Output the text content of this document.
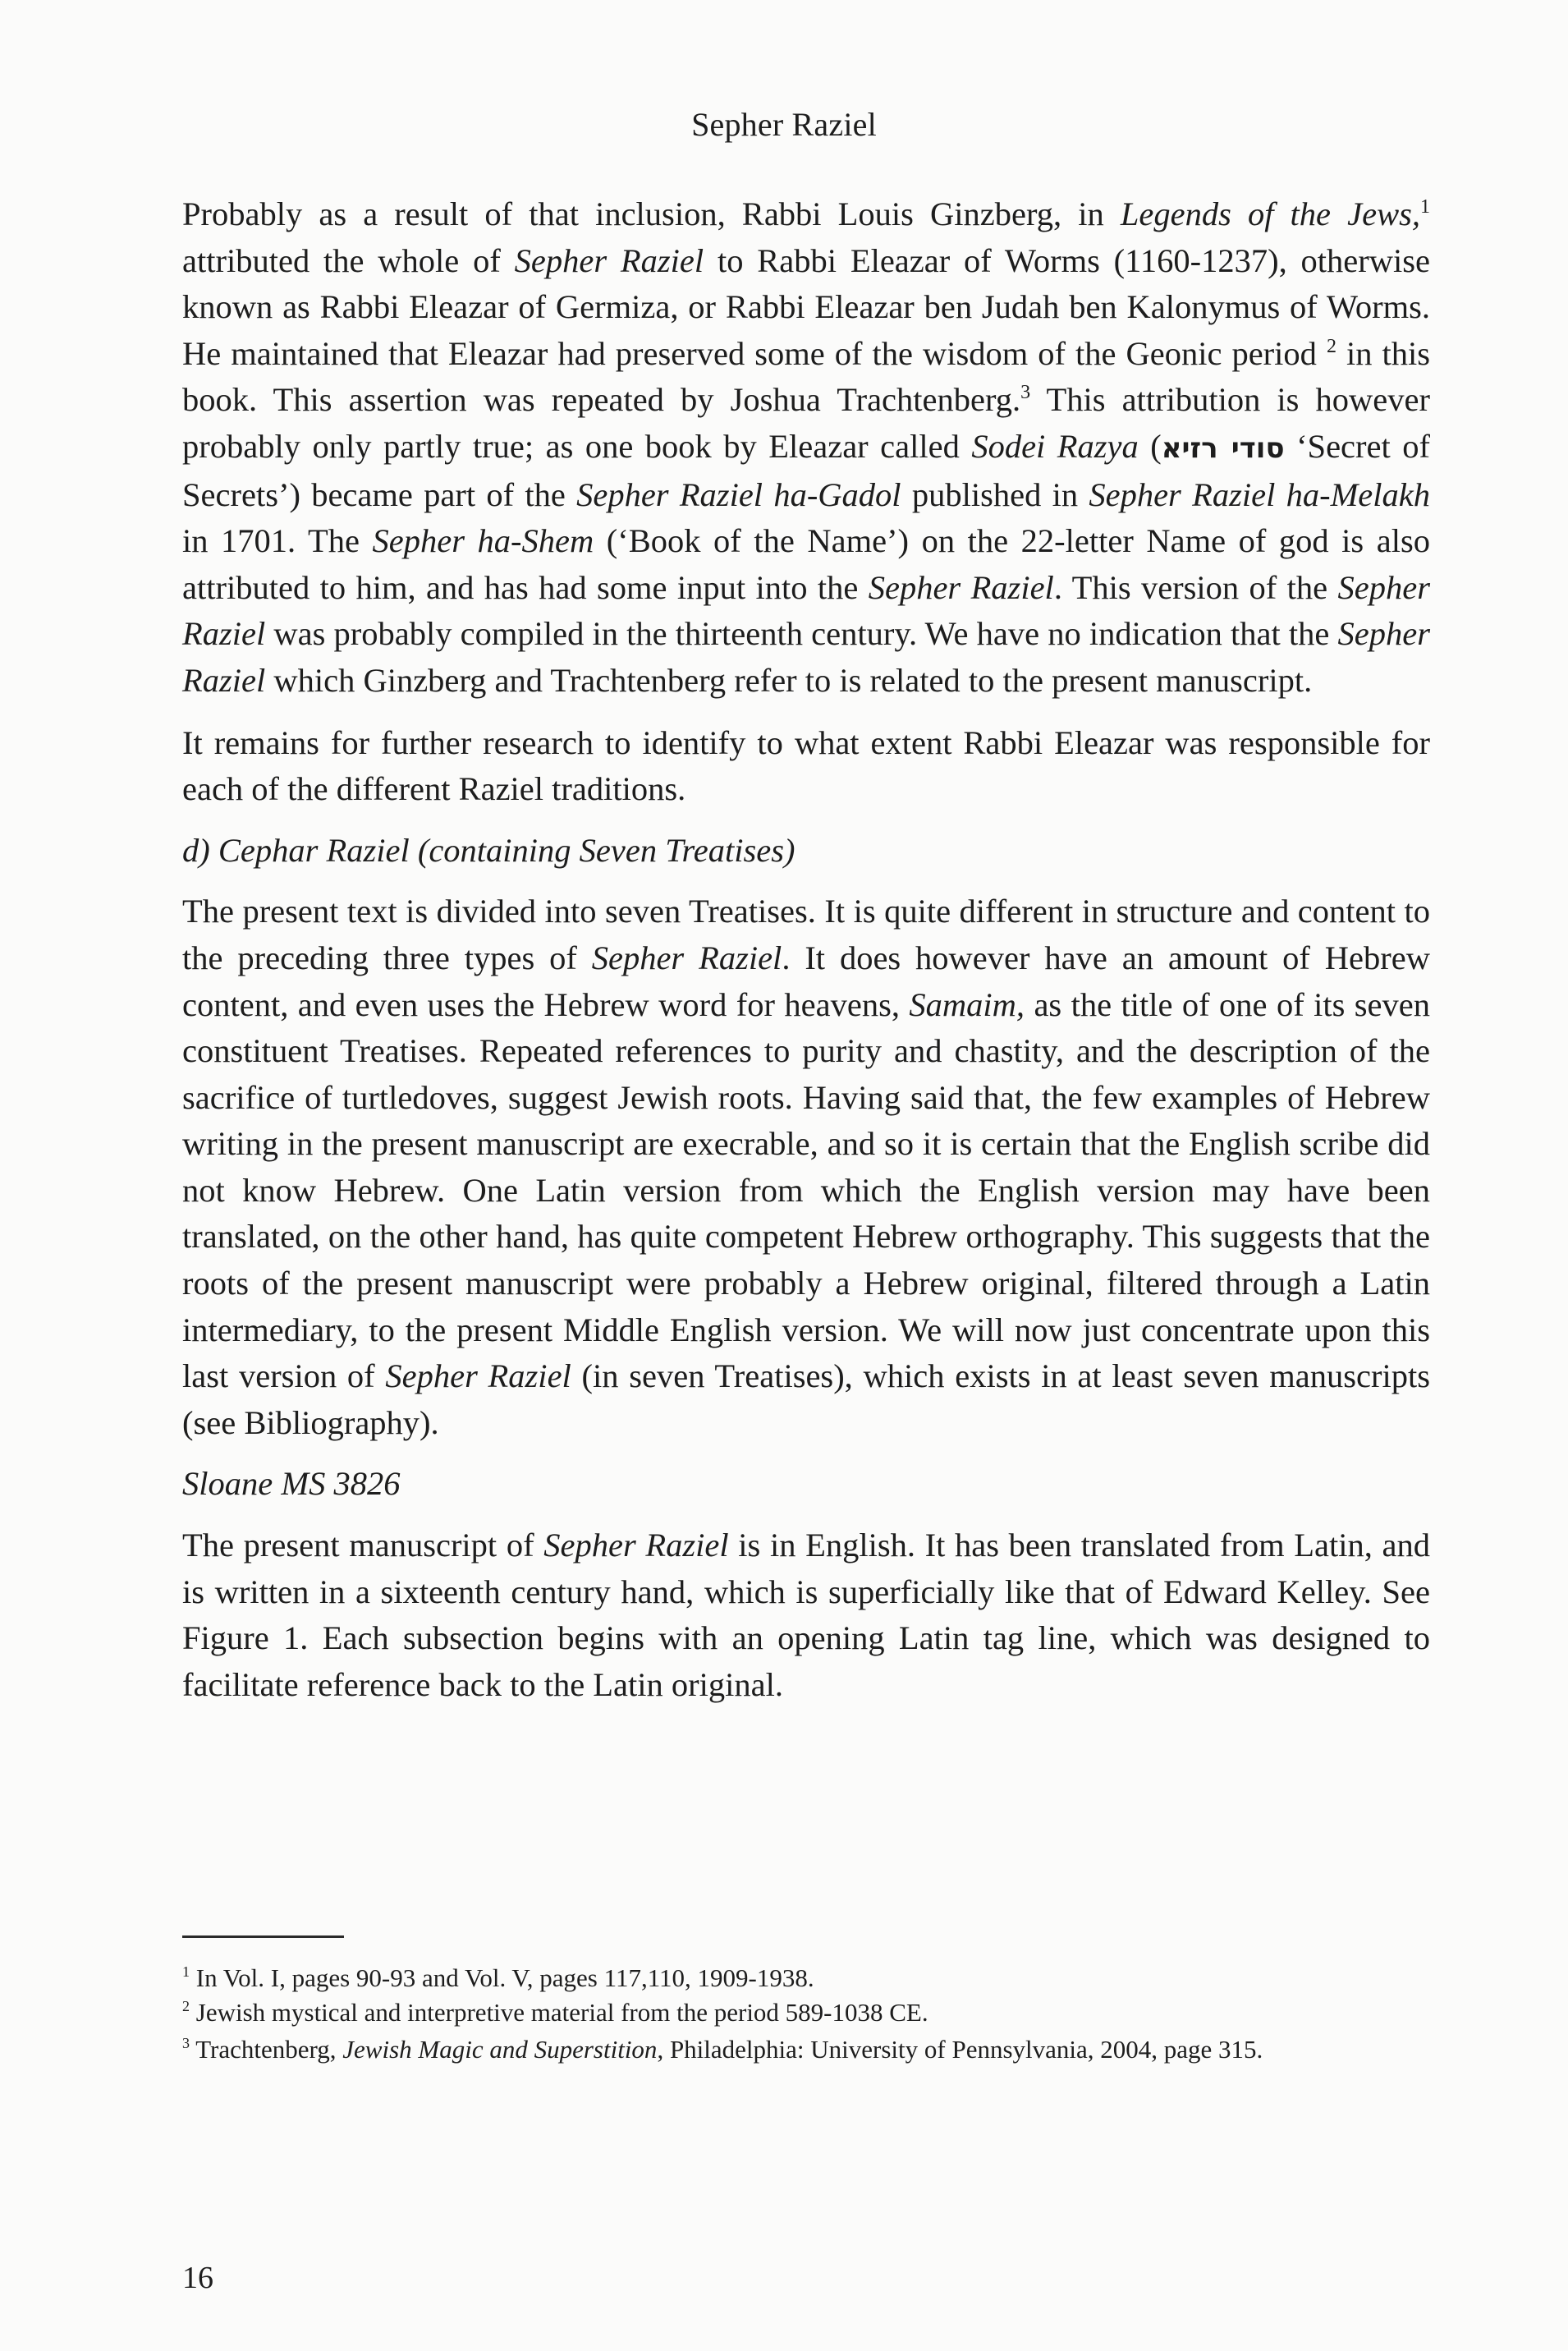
Sepher Raziel

Probably as a result of that inclusion, Rabbi Louis Ginzberg, in Legends of the Jews,$^1$ attributed the whole of Sepher Raziel to Rabbi Eleazar of Worms (1160-1237), otherwise known as Rabbi Eleazar of Germiza, or Rabbi Eleazar ben Judah ben Kalonymus of Worms. He maintained that Eleazar had preserved some of the wisdom of the Geonic period $^2$ in this book. This assertion was repeated by Joshua Trachtenberg.$^3$ This attribution is however probably only partly true; as one book by Eleazar called Sodei Razya (סודי רזיא ‘Secret of Secrets’) became part of the Sepher Raziel ha-Gadol published in Sepher Raziel ha-Melakh in 1701. The Sepher ha-Shem (‘Book of the Name’) on the 22-letter Name of god is also attributed to him, and has had some input into the Sepher Raziel. This version of the Sepher Raziel was probably compiled in the thirteenth century. We have no indication that the Sepher Raziel which Ginzberg and Trachtenberg refer to is related to the present manuscript.

It remains for further research to identify to what extent Rabbi Eleazar was responsible for each of the different Raziel traditions.

d) Cephar Raziel (containing Seven Treatises)

The present text is divided into seven Treatises. It is quite different in structure and content to the preceding three types of Sepher Raziel. It does however have an amount of Hebrew content, and even uses the Hebrew word for heavens, Samaim, as the title of one of its seven constituent Treatises. Repeated references to purity and chastity, and the description of the sacrifice of turtledoves, suggest Jewish roots. Having said that, the few examples of Hebrew writing in the present manuscript are execrable, and so it is certain that the English scribe did not know Hebrew. One Latin version from which the English version may have been translated, on the other hand, has quite competent Hebrew orthography. This suggests that the roots of the present manuscript were probably a Hebrew original, filtered through a Latin intermediary, to the present Middle English version. We will now just concentrate upon this last version of Sepher Raziel (in seven Treatises), which exists in at least seven manuscripts (see Bibliography).

Sloane MS 3826

The present manuscript of Sepher Raziel is in English. It has been translated from Latin, and is written in a sixteenth century hand, which is superficially like that of Edward Kelley. See Figure 1. Each subsection begins with an opening Latin tag line, which was designed to facilitate reference back to the Latin original.

$^1$ In Vol. I, pages 90-93 and Vol. V, pages 117,110, 1909-1938.

$^2$ Jewish mystical and interpretive material from the period 589-1038 CE.

$^3$ Trachtenberg, Jewish Magic and Superstition, Philadelphia: University of Pennsylvania, 2004, page 315.

16
